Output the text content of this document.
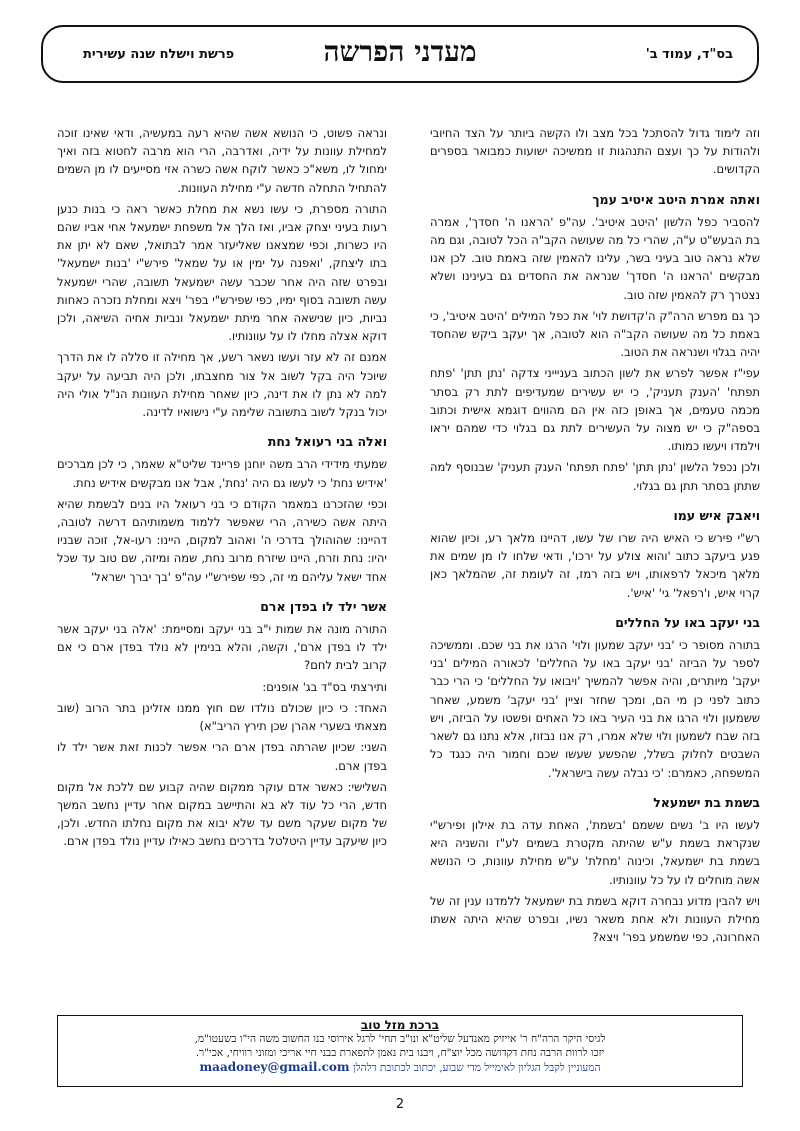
בס"ד, עמוד ב'
מעדני הפרשה
פרשת וישלח שנה עשירית

וזה לימוד גדול להסתכל בכל מצב ולו הקשה ביותר על הצד החיובי ולהודות על כך ועצם התנהגות זו ממשיכה ישועות כמבואר בספרים הקדושים.

ואתה אמרת היטב איטיב עמך

להסביר כפל הלשון 'היטב איטיב'. עה"פ 'הראנו ה' חסדך', אמרה בת הבעש"ט ע"ה, שהרי כל מה שעושה הקב"ה הכל לטובה, וגם מה שלא נראה טוב בעיני בשר, עלינו להאמין שזה באמת טוב. לכן אנו מבקשים 'הראנו ה' חסדך' שנראה את החסדים גם בעינינו ושלא נצטרך רק להאמין שזה טוב.

כך גם מפרש הרה"ק ה'קדושת לוי' את כפל המילים 'היטב איטיב', כי באמת כל מה שעושה הקב"ה הוא לטובה, אך יעקב ביקש שהחסד יהיה בגלוי ושנראה את הטוב.

עפי"ז אפשר לפרש את לשון הכתוב בעניייני צדקה 'נתן תתן' 'פתח תפתח' 'הענק תעניק', כי יש עשירים שמעדיפים לתת רק בסתר מכמה טעמים, אך באופן כזה אין הם מהווים דוגמא אישית וכתוב בספה"ק כי יש מצוה על העשירים לתת גם בגלוי כדי שמהם יראו וילמדו ויעשו כמותו.

ולכן נכפל הלשון 'נתן תתן' 'פתח תפתח' הענק תעניק' שבנוסף למה שתתן בסתר תתן גם בגלוי.

ויאבק איש עמו

רש"י פירש כי האיש היה שרו של עשו, דהיינו מלאך רע, וכיון שהוא פגע ביעקב כתוב 'והוא צולע על ירכו', ודאי שלחו לו מן שמים את מלאך מיכאל לרפאותו, ויש בזה רמז, זה לעומת זה, שהמלאך כאן קרוי איש, ו'רפאל' גי' 'איש'.

בני יעקב באו על החללים

בתורה מסופר כי 'בני יעקב שמעון ולוי' הרגו את בני שכם. וממשיכה לספר על הביזה 'בני יעקב באו על החללים' לכאורה המילים 'בני יעקב' מיותרים, והיה אפשר להמשיך 'ויבואו על החללים' כי הרי כבר כתוב לפני כן מי הם, ומכך שחזר וציין 'בני יעקב' משמע, שאחר ששמעון ולוי הרגו את בני העיר באו כל האחים ופשטו על הביזה, ויש בזה שבח לשמעון ולוי שלא אמרו, רק אנו נבזוז, אלא נתנו גם לשאר השבטים לחלוק בשלל, שהפשע שעשו שכם וחמור היה כנגד כל המשפחה, כאמרם: 'כי נבלה עשה בישראל'.

בשמת בת ישמעאל

לעשו היו ב' נשים ששמם 'בשמת', האחת עדה בת אילון ופירש"י שנקראת בשמת ע"ש שהיתה מקטרת בשמים לע"ז והשניה היא בשמת בת ישמעאל, וכינוה 'מחלת' ע"ש מחילת עוונות, כי הנושא אשה מוחלים לו על כל עוונותיו.

ויש להבין מדוע נבחרה דוקא בשמת בת ישמעאל ללמדנו ענין זה של מחילת העוונות ולא אחת משאר נשיו, ובפרט שהיא היתה אשתו האחרונה, כפי שמשמע בפר' ויצא?

ונראה פשוט, כי הנושא אשה שהיא רעה במעשיה, ודאי שאינו זוכה למחילת עוונות על ידיה, ואדרבה, הרי הוא מרבה לחטוא בזה ואיך ימחול לו, משא"כ כאשר לוקח אשה כשרה אזי מסייעים לו מן השמים להתחיל התחלה חדשה ע"י מחילת העוונות.

התורה מספרת, כי עשו נשא את מחלת כאשר ראה כי בנות כנען רעות בעיני יצחק אביו, ואז הלך אל משפחת ישמעאל אחי אביו שהם היו כשרות, וכפי שמצאנו שאליעזר אמר לבתואל, שאם לא יתן את בתו ליצחק, 'ואפנה על ימין או על שמאל' פירש"י 'בנות ישמעאל' ובפרט שזה היה אחר שכבר עשה ישמעאל תשובה, שהרי ישמעאל עשה תשובה בסוף ימיו, כפי שפירש"י בפר' ויצא ומחלת נזכרה כאחות נביות, כיון שנישאה אחר מיתת ישמעאל ונביות אחיה השיאה, ולכן דוקא אצלה מחלו לו על עוונותיו.

אמנם זה לא עזר ועשו נשאר רשע, אך מחילה זו סללה לו את הדרך שיוכל היה בקל לשוב אל צור מחצבתו, ולכן היה תביעה על יעקב למה לא נתן לו את דינה, כיון שאחר מחילת העוונות הנ"ל אולי היה יכול בנקל לשוב בתשובה שלימה ע"י נישואיו לדינה.

ואלה בני רעואל נחת

שמעתי מידידי הרב משה יוחנן פריינד שליט"א שאמר, כי לכן מברכים 'אידיש נחת' כי לעשו גם היה 'נחת', אבל אנו מבקשים אידיש נחת.

וכפי שהזכרנו במאמר הקודם כי בני רעואל היו בנים לבשמת שהיא היתה אשה כשירה, הרי שאפשר ללמוד משמותיהם דרשה לטובה, דהיינו: שהוהולך בדרכי ה' ואהוב למקום, היינו: רעו-אל, זוכה שבניו יהיו: נחת וזרח, היינו שיזרח מרוב נחת, שמה ומיזה, שם טוב עד שכל אחד ישאל עליהם מי זה, כפי שפירש"י עה"פ 'בך יברך ישראל'

אשר ילד לו בפדן ארם

התורה מונה את שמות י"ב בני יעקב ומסיימת: 'אלה בני יעקב אשר ילד לו בפדן ארם', וקשה, והלא בנימין לא נולד בפדן ארם כי אם קרוב לבית לחם?

ותירצתי בס"ד בג' אופנים:

האחד: כי כיון שכולם נולדו שם חוץ ממנו אזלינן בתר הרוב (שוב מצאתי בשערי אהרן שכן תירץ הריב"א)

השני: שכיון שהרתה בפדן ארם הרי אפשר לכנות זאת אשר ילד לו בפדן ארם.

השלישי: כאשר אדם עוקר ממקום שהיה קבוע שם ללכת אל מקום חדש, הרי כל עוד לא בא והתיישב במקום אחר עדיין נחשב המשך של מקום שעקר משם עד שלא יבוא את מקום נחלתו החדש. ולכן, כיון שיעקב עדיין היטלטל בדרכים נחשב כאילו עדיין נולד בפדן ארם.

ברכת מזל טוב
לגיסי היקר הרה"ח ר' אייזיק מאנדעל שליט"א ונו"ב תחי' לרגל אירוסי בנו החשוב משה הי"ו בשעטו"מ,
יזכו לרוות הרבה נחת דקדושה מכל יוצ"ח, ויבנו בית נאמן לתפארת בבני חיי אריכי ומזוני רוויחי, אכי"ר.
המעוניין לקבל הגליון לאימייל מדי שבוע, יכתוב לכתובת דלהלן maadoney@gmail.com
2
